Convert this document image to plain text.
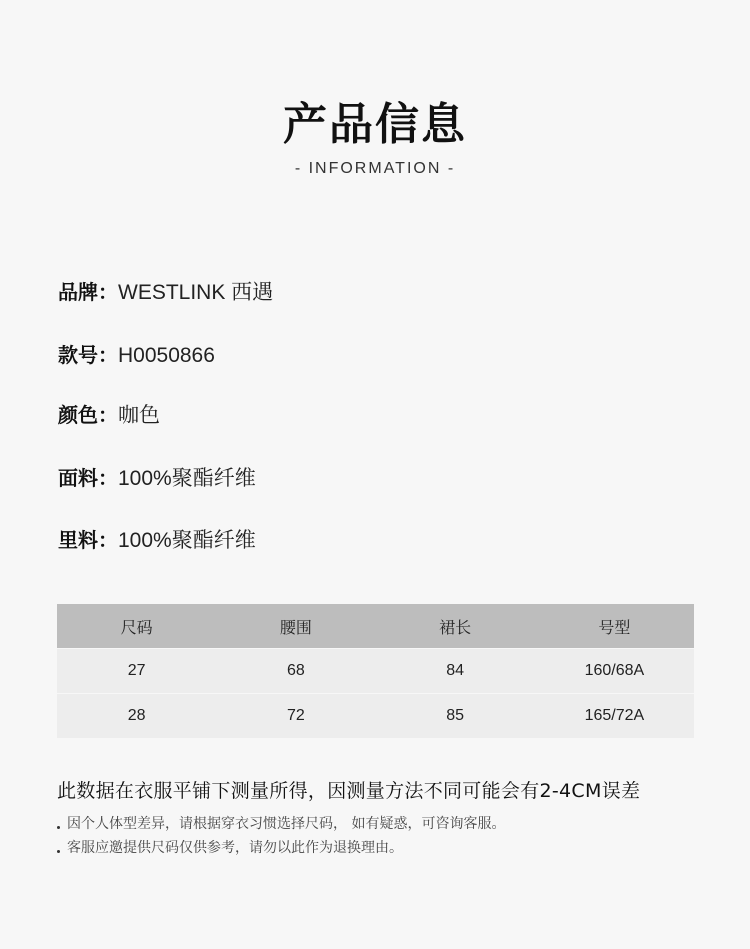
产品信息
- INFORMATION -
品牌：WESTLINK 西遇
款号：H0050866
颜色：咖色
面料：100%聚酯纤维
里料：100%聚酯纤维
尺码	腰围	裙长	号型
27	68	84	160/68A
28	72	85	165/72A
此数据在衣服平铺下测量所得，因测量方法不同可能会有2-4CM误差
因个人体型差异，请根据穿衣习惯选择尺码， 如有疑惑，可咨询客服。
客服应邀提供尺码仅供参考，请勿以此作为退换理由。
